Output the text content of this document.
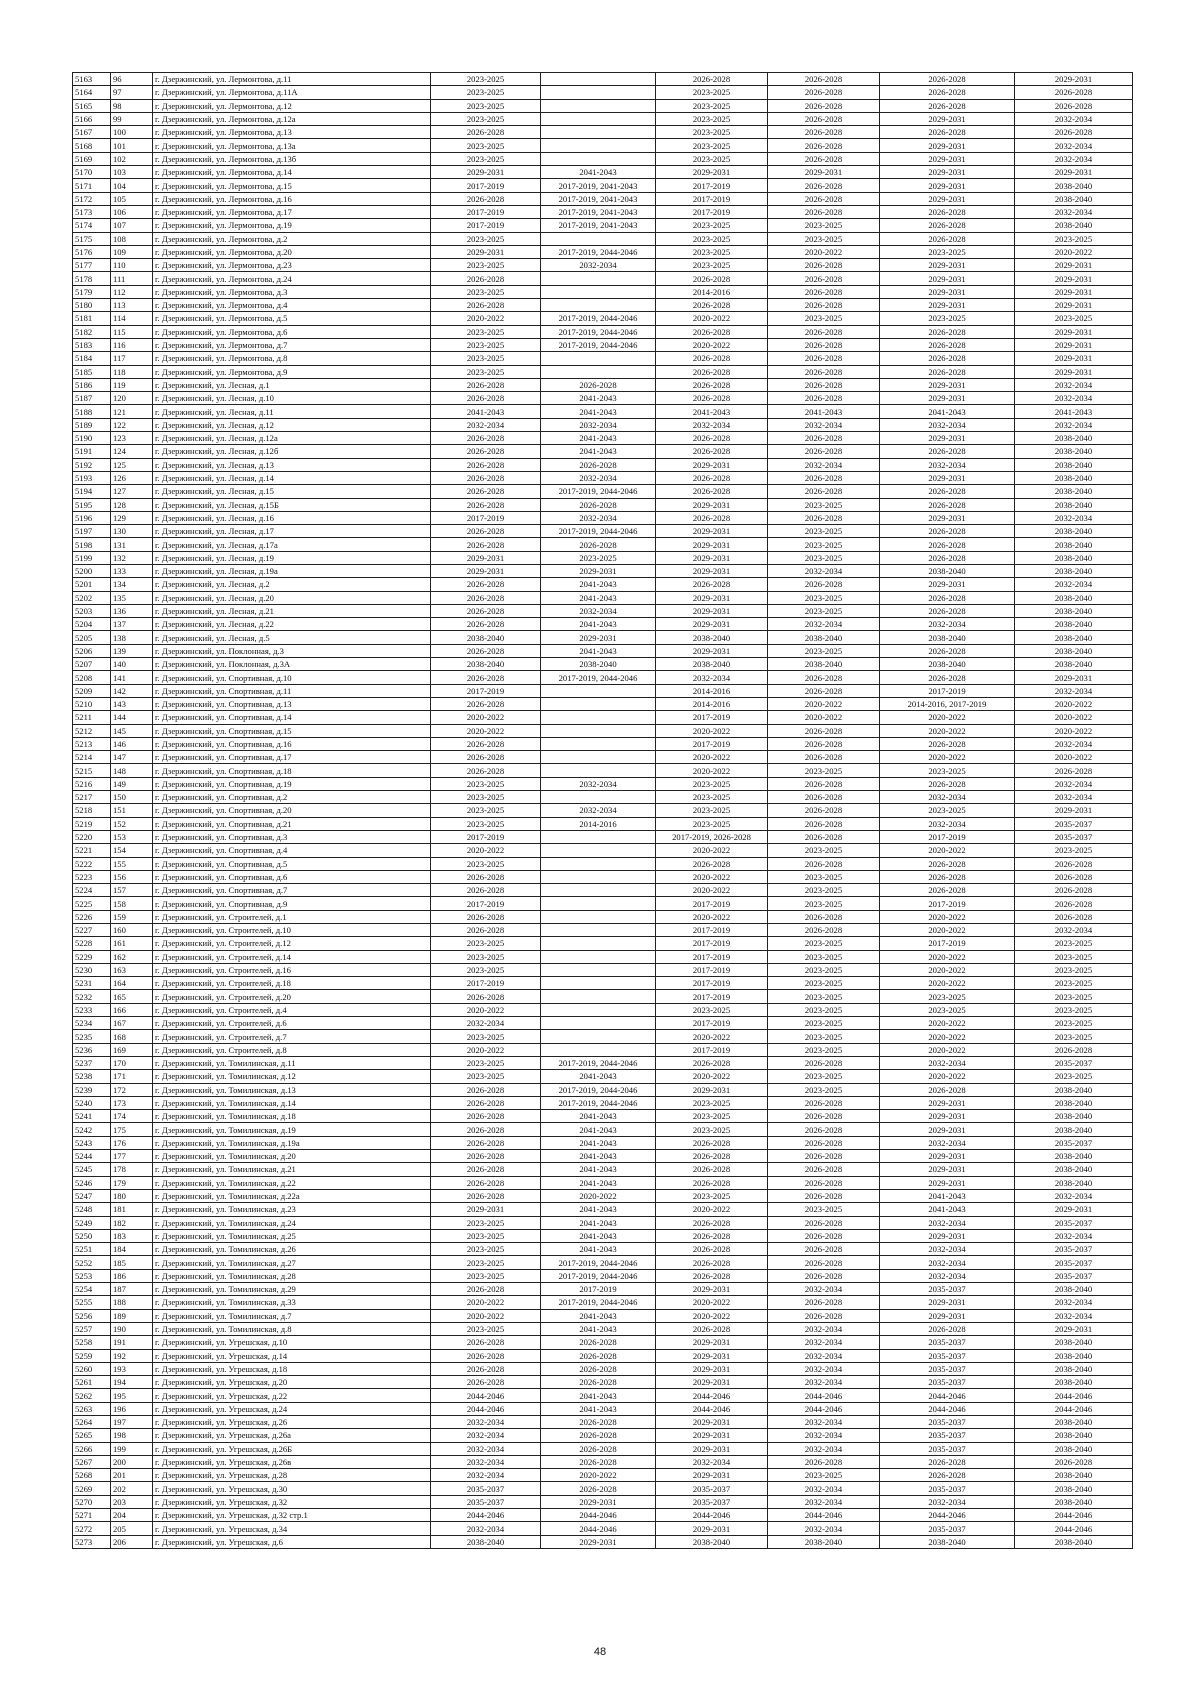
5163	96	г. Дзержинский, ул. Лермонтова, д.11	2023-2025		2026-2028	2026-2028	2026-2028	2029-2031
5164	97	г. Дзержинский, ул. Лермонтова, д.11А	2023-2025		2023-2025	2026-2028	2026-2028	2026-2028
5165	98	г. Дзержинский, ул. Лермонтова, д.12	2023-2025		2023-2025	2026-2028	2026-2028	2026-2028
5166	99	г. Дзержинский, ул. Лермонтова, д.12а	2023-2025		2023-2025	2026-2028	2029-2031	2032-2034
5167	100	г. Дзержинский, ул. Лермонтова, д.13	2026-2028		2023-2025	2026-2028	2026-2028	2026-2028
5168	101	г. Дзержинский, ул. Лермонтова, д.13а	2023-2025		2023-2025	2026-2028	2029-2031	2032-2034
5169	102	г. Дзержинский, ул. Лермонтова, д.13б	2023-2025		2023-2025	2026-2028	2029-2031	2032-2034
5170	103	г. Дзержинский, ул. Лермонтова, д.14	2029-2031	2041-2043	2029-2031	2029-2031	2029-2031	2029-2031
5171	104	г. Дзержинский, ул. Лермонтова, д.15	2017-2019	2017-2019, 2041-2043	2017-2019	2026-2028	2029-2031	2038-2040
5172	105	г. Дзержинский, ул. Лермонтова, д.16	2026-2028	2017-2019, 2041-2043	2017-2019	2026-2028	2029-2031	2038-2040
5173	106	г. Дзержинский, ул. Лермонтова, д.17	2017-2019	2017-2019, 2041-2043	2017-2019	2026-2028	2026-2028	2032-2034
5174	107	г. Дзержинский, ул. Лермонтова, д.19	2017-2019	2017-2019, 2041-2043	2023-2025	2023-2025	2026-2028	2038-2040
5175	108	г. Дзержинский, ул. Лермонтова, д.2	2023-2025		2023-2025	2023-2025	2026-2028	2023-2025
5176	109	г. Дзержинский, ул. Лермонтова, д.20	2029-2031	2017-2019, 2044-2046	2023-2025	2020-2022	2023-2025	2020-2022
5177	110	г. Дзержинский, ул. Лермонтова, д.23	2023-2025	2032-2034	2023-2025	2026-2028	2029-2031	2029-2031
5178	111	г. Дзержинский, ул. Лермонтова, д.24	2026-2028		2026-2028	2026-2028	2029-2031	2029-2031
5179	112	г. Дзержинский, ул. Лермонтова, д.3	2023-2025		2014-2016	2026-2028	2029-2031	2029-2031
5180	113	г. Дзержинский, ул. Лермонтова, д.4	2026-2028		2026-2028	2026-2028	2029-2031	2029-2031
5181	114	г. Дзержинский, ул. Лермонтова, д.5	2020-2022	2017-2019, 2044-2046	2020-2022	2023-2025	2023-2025	2023-2025
5182	115	г. Дзержинский, ул. Лермонтова, д.6	2023-2025	2017-2019, 2044-2046	2026-2028	2026-2028	2026-2028	2029-2031
5183	116	г. Дзержинский, ул. Лермонтова, д.7	2023-2025	2017-2019, 2044-2046	2020-2022	2026-2028	2026-2028	2029-2031
5184	117	г. Дзержинский, ул. Лермонтова, д.8	2023-2025		2026-2028	2026-2028	2026-2028	2029-2031
5185	118	г. Дзержинский, ул. Лермонтова, д.9	2023-2025		2026-2028	2026-2028	2026-2028	2029-2031
5186	119	г. Дзержинский, ул. Лесная, д.1	2026-2028	2026-2028	2026-2028	2026-2028	2029-2031	2032-2034
5187	120	г. Дзержинский, ул. Лесная, д.10	2026-2028	2041-2043	2026-2028	2026-2028	2029-2031	2032-2034
5188	121	г. Дзержинский, ул. Лесная, д.11	2041-2043	2041-2043	2041-2043	2041-2043	2041-2043	2041-2043
5189	122	г. Дзержинский, ул. Лесная, д.12	2032-2034	2032-2034	2032-2034	2032-2034	2032-2034	2032-2034
5190	123	г. Дзержинский, ул. Лесная, д.12а	2026-2028	2041-2043	2026-2028	2026-2028	2029-2031	2038-2040
5191	124	г. Дзержинский, ул. Лесная, д.12б	2026-2028	2041-2043	2026-2028	2026-2028	2026-2028	2038-2040
5192	125	г. Дзержинский, ул. Лесная, д.13	2026-2028	2026-2028	2029-2031	2032-2034	2032-2034	2038-2040
5193	126	г. Дзержинский, ул. Лесная, д.14	2026-2028	2032-2034	2026-2028	2026-2028	2029-2031	2038-2040
5194	127	г. Дзержинский, ул. Лесная, д.15	2026-2028	2017-2019, 2044-2046	2026-2028	2026-2028	2026-2028	2038-2040
5195	128	г. Дзержинский, ул. Лесная, д.15Б	2026-2028	2026-2028	2029-2031	2023-2025	2026-2028	2038-2040
5196	129	г. Дзержинский, ул. Лесная, д.16	2017-2019	2032-2034	2026-2028	2026-2028	2029-2031	2032-2034
5197	130	г. Дзержинский, ул. Лесная, д.17	2026-2028	2017-2019, 2044-2046	2029-2031	2023-2025	2026-2028	2038-2040
5198	131	г. Дзержинский, ул. Лесная, д.17а	2026-2028	2026-2028	2029-2031	2023-2025	2026-2028	2038-2040
5199	132	г. Дзержинский, ул. Лесная, д.19	2029-2031	2023-2025	2029-2031	2023-2025	2026-2028	2038-2040
5200	133	г. Дзержинский, ул. Лесная, д.19а	2029-2031	2029-2031	2029-2031	2032-2034	2038-2040	2038-2040
5201	134	г. Дзержинский, ул. Лесная, д.2	2026-2028	2041-2043	2026-2028	2026-2028	2029-2031	2032-2034
5202	135	г. Дзержинский, ул. Лесная, д.20	2026-2028	2041-2043	2029-2031	2023-2025	2026-2028	2038-2040
5203	136	г. Дзержинский, ул. Лесная, д.21	2026-2028	2032-2034	2029-2031	2023-2025	2026-2028	2038-2040
5204	137	г. Дзержинский, ул. Лесная, д.22	2026-2028	2041-2043	2029-2031	2032-2034	2032-2034	2038-2040
5205	138	г. Дзержинский, ул. Лесная, д.5	2038-2040	2029-2031	2038-2040	2038-2040	2038-2040	2038-2040
5206	139	г. Дзержинский, ул. Поклонная, д.3	2026-2028	2041-2043	2029-2031	2023-2025	2026-2028	2038-2040
5207	140	г. Дзержинский, ул. Поклонная, д.3А	2038-2040	2038-2040	2038-2040	2038-2040	2038-2040	2038-2040
5208	141	г. Дзержинский, ул. Спортивная, д.10	2026-2028	2017-2019, 2044-2046	2032-2034	2026-2028	2026-2028	2029-2031
5209	142	г. Дзержинский, ул. Спортивная, д.11	2017-2019		2014-2016	2026-2028	2017-2019	2032-2034
5210	143	г. Дзержинский, ул. Спортивная, д.13	2026-2028		2014-2016	2020-2022	2014-2016, 2017-2019	2020-2022
5211	144	г. Дзержинский, ул. Спортивная, д.14	2020-2022		2017-2019	2020-2022	2020-2022	2020-2022
5212	145	г. Дзержинский, ул. Спортивная, д.15	2020-2022		2020-2022	2026-2028	2020-2022	2020-2022
5213	146	г. Дзержинский, ул. Спортивная, д.16	2026-2028		2017-2019	2026-2028	2026-2028	2032-2034
5214	147	г. Дзержинский, ул. Спортивная, д.17	2026-2028		2020-2022	2026-2028	2020-2022	2020-2022
5215	148	г. Дзержинский, ул. Спортивная, д.18	2026-2028		2020-2022	2023-2025	2023-2025	2026-2028
5216	149	г. Дзержинский, ул. Спортивная, д.19	2023-2025	2032-2034	2023-2025	2026-2028	2026-2028	2032-2034
5217	150	г. Дзержинский, ул. Спортивная, д.2	2023-2025		2023-2025	2026-2028	2032-2034	2032-2034
5218	151	г. Дзержинский, ул. Спортивная, д.20	2023-2025	2032-2034	2023-2025	2026-2028	2023-2025	2029-2031
5219	152	г. Дзержинский, ул. Спортивная, д.21	2023-2025	2014-2016	2023-2025	2026-2028	2032-2034	2035-2037
5220	153	г. Дзержинский, ул. Спортивная, д.3	2017-2019		2017-2019, 2026-2028	2026-2028	2017-2019	2035-2037
5221	154	г. Дзержинский, ул. Спортивная, д.4	2020-2022		2020-2022	2023-2025	2020-2022	2023-2025
5222	155	г. Дзержинский, ул. Спортивная, д.5	2023-2025		2026-2028	2026-2028	2026-2028	2026-2028
5223	156	г. Дзержинский, ул. Спортивная, д.6	2026-2028		2020-2022	2023-2025	2026-2028	2026-2028
5224	157	г. Дзержинский, ул. Спортивная, д.7	2026-2028		2020-2022	2023-2025	2026-2028	2026-2028
5225	158	г. Дзержинский, ул. Спортивная, д.9	2017-2019		2017-2019	2023-2025	2017-2019	2026-2028
5226	159	г. Дзержинский, ул. Строителей, д.1	2026-2028		2020-2022	2026-2028	2020-2022	2026-2028
5227	160	г. Дзержинский, ул. Строителей, д.10	2026-2028		2017-2019	2026-2028	2020-2022	2032-2034
5228	161	г. Дзержинский, ул. Строителей, д.12	2023-2025		2017-2019	2023-2025	2017-2019	2023-2025
5229	162	г. Дзержинский, ул. Строителей, д.14	2023-2025		2017-2019	2023-2025	2020-2022	2023-2025
5230	163	г. Дзержинский, ул. Строителей, д.16	2023-2025		2017-2019	2023-2025	2020-2022	2023-2025
5231	164	г. Дзержинский, ул. Строителей, д.18	2017-2019		2017-2019	2023-2025	2020-2022	2023-2025
5232	165	г. Дзержинский, ул. Строителей, д.20	2026-2028		2017-2019	2023-2025	2023-2025	2023-2025
5233	166	г. Дзержинский, ул. Строителей, д.4	2020-2022		2023-2025	2023-2025	2023-2025	2023-2025
5234	167	г. Дзержинский, ул. Строителей, д.6	2032-2034		2017-2019	2023-2025	2020-2022	2023-2025
5235	168	г. Дзержинский, ул. Строителей, д.7	2023-2025		2020-2022	2023-2025	2020-2022	2023-2025
5236	169	г. Дзержинский, ул. Строителей, д.8	2020-2022		2017-2019	2023-2025	2020-2022	2026-2028
5237	170	г. Дзержинский, ул. Томилинская, д.11	2023-2025	2017-2019, 2044-2046	2026-2028	2026-2028	2032-2034	2035-2037
5238	171	г. Дзержинский, ул. Томилинская, д.12	2023-2025	2041-2043	2020-2022	2023-2025	2020-2022	2023-2025
5239	172	г. Дзержинский, ул. Томилинская, д.13	2026-2028	2017-2019, 2044-2046	2029-2031	2023-2025	2026-2028	2038-2040
5240	173	г. Дзержинский, ул. Томилинская, д.14	2026-2028	2017-2019, 2044-2046	2023-2025	2026-2028	2029-2031	2038-2040
5241	174	г. Дзержинский, ул. Томилинская, д.18	2026-2028	2041-2043	2023-2025	2026-2028	2029-2031	2038-2040
5242	175	г. Дзержинский, ул. Томилинская, д.19	2026-2028	2041-2043	2023-2025	2026-2028	2029-2031	2038-2040
5243	176	г. Дзержинский, ул. Томилинская, д.19а	2026-2028	2041-2043	2026-2028	2026-2028	2032-2034	2035-2037
5244	177	г. Дзержинский, ул. Томилинская, д.20	2026-2028	2041-2043	2026-2028	2026-2028	2029-2031	2038-2040
5245	178	г. Дзержинский, ул. Томилинская, д.21	2026-2028	2041-2043	2026-2028	2026-2028	2029-2031	2038-2040
5246	179	г. Дзержинский, ул. Томилинская, д.22	2026-2028	2041-2043	2026-2028	2026-2028	2029-2031	2038-2040
5247	180	г. Дзержинский, ул. Томилинская, д.22а	2026-2028	2020-2022	2023-2025	2026-2028	2041-2043	2032-2034
5248	181	г. Дзержинский, ул. Томилинская, д.23	2029-2031	2041-2043	2020-2022	2023-2025	2041-2043	2029-2031
5249	182	г. Дзержинский, ул. Томилинская, д.24	2023-2025	2041-2043	2026-2028	2026-2028	2032-2034	2035-2037
5250	183	г. Дзержинский, ул. Томилинская, д.25	2023-2025	2041-2043	2026-2028	2026-2028	2029-2031	2032-2034
5251	184	г. Дзержинский, ул. Томилинская, д.26	2023-2025	2041-2043	2026-2028	2026-2028	2032-2034	2035-2037
5252	185	г. Дзержинский, ул. Томилинская, д.27	2023-2025	2017-2019, 2044-2046	2026-2028	2026-2028	2032-2034	2035-2037
5253	186	г. Дзержинский, ул. Томилинская, д.28	2023-2025	2017-2019, 2044-2046	2026-2028	2026-2028	2032-2034	2035-2037
5254	187	г. Дзержинский, ул. Томилинская, д.29	2026-2028	2017-2019	2029-2031	2032-2034	2035-2037	2038-2040
5255	188	г. Дзержинский, ул. Томилинская, д.33	2020-2022	2017-2019, 2044-2046	2020-2022	2026-2028	2029-2031	2032-2034
5256	189	г. Дзержинский, ул. Томилинская, д.7	2020-2022	2041-2043	2020-2022	2026-2028	2029-2031	2032-2034
5257	190	г. Дзержинский, ул. Томилинская, д.8	2023-2025	2041-2043	2026-2028	2032-2034	2026-2028	2029-2031
5258	191	г. Дзержинский, ул. Угрешская, д.10	2026-2028	2026-2028	2029-2031	2032-2034	2035-2037	2038-2040
5259	192	г. Дзержинский, ул. Угрешская, д.14	2026-2028	2026-2028	2029-2031	2032-2034	2035-2037	2038-2040
5260	193	г. Дзержинский, ул. Угрешская, д.18	2026-2028	2026-2028	2029-2031	2032-2034	2035-2037	2038-2040
5261	194	г. Дзержинский, ул. Угрешская, д.20	2026-2028	2026-2028	2029-2031	2032-2034	2035-2037	2038-2040
5262	195	г. Дзержинский, ул. Угрешская, д.22	2044-2046	2041-2043	2044-2046	2044-2046	2044-2046	2044-2046
5263	196	г. Дзержинский, ул. Угрешская, д.24	2044-2046	2041-2043	2044-2046	2044-2046	2044-2046	2044-2046
5264	197	г. Дзержинский, ул. Угрешская, д.26	2032-2034	2026-2028	2029-2031	2032-2034	2035-2037	2038-2040
5265	198	г. Дзержинский, ул. Угрешская, д.26а	2032-2034	2026-2028	2029-2031	2032-2034	2035-2037	2038-2040
5266	199	г. Дзержинский, ул. Угрешская, д.26Б	2032-2034	2026-2028	2029-2031	2032-2034	2035-2037	2038-2040
5267	200	г. Дзержинский, ул. Угрешская, д.26в	2032-2034	2026-2028	2032-2034	2026-2028	2026-2028	2026-2028
5268	201	г. Дзержинский, ул. Угрешская, д.28	2032-2034	2020-2022	2029-2031	2023-2025	2026-2028	2038-2040
5269	202	г. Дзержинский, ул. Угрешская, д.30	2035-2037	2026-2028	2035-2037	2032-2034	2035-2037	2038-2040
5270	203	г. Дзержинский, ул. Угрешская, д.32	2035-2037	2029-2031	2035-2037	2032-2034	2032-2034	2038-2040
5271	204	г. Дзержинский, ул. Угрешская, д.32 стр.1	2044-2046	2044-2046	2044-2046	2044-2046	2044-2046	2044-2046
5272	205	г. Дзержинский, ул. Угрешская, д.34	2032-2034	2044-2046	2029-2031	2032-2034	2035-2037	2044-2046
5273	206	г. Дзержинский, ул. Угрешская, д.6	2038-2040	2029-2031	2038-2040	2038-2040	2038-2040	2038-2040
48
